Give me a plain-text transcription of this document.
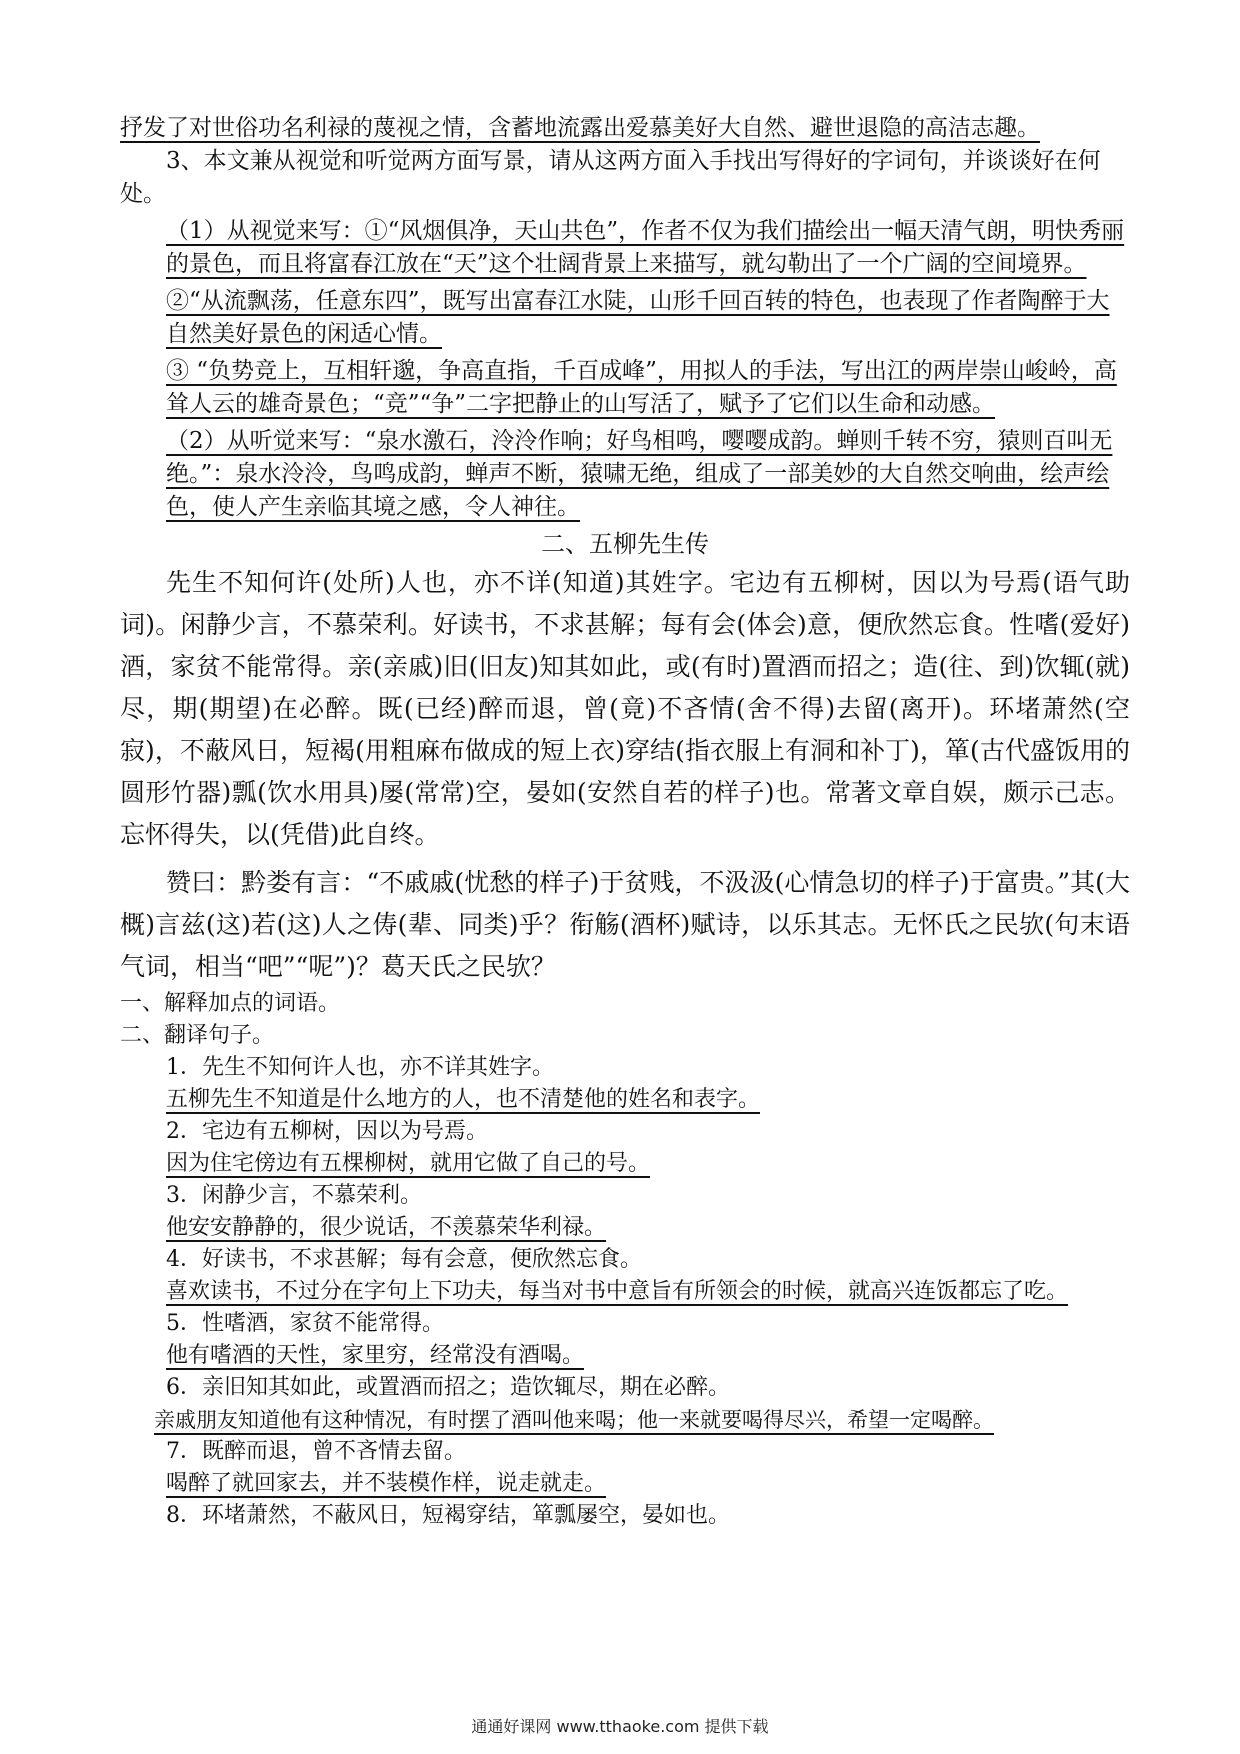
抒发了对世俗功名利禄的蔑视之情，含蓄地流露出爱慕美好大自然、避世退隐的高洁志趣。

3、本文兼从视觉和听觉两方面写景，请从这两方面入手找出写得好的字词句，并谈谈好在何处。

（1）从视觉来写：①“风烟俱净，天山共色”，作者不仅为我们描绘出一幅天清气朗，明快秀丽的景色，而且将富春江放在“天”这个壮阔背景上来描写，就勾勒出了一个广阔的空间境界。

②“从流飘荡，任意东四”，既写出富春江水陡，山形千回百转的特色，也表现了作者陶醉于大自然美好景色的闲适心情。

③ “负势竞上，互相轩邈，争高直指，千百成峰”，用拟人的手法，写出江的两岸崇山峻岭，高耸人云的雄奇景色；“竞”“争”二字把静止的山写活了，赋予了它们以生命和动感。

（2）从听觉来写：“泉水激石，泠泠作响；好鸟相鸣，嘤嘤成韵。蝉则千转不穷，猿则百叫无绝。”：泉水泠泠，鸟鸣成韵，蝉声不断，猿啸无绝，组成了一部美妙的大自然交响曲，绘声绘色，使人产生亲临其境之感，令人神往。

二、五柳先生传

先生不知何许(处所)人也，亦不详(知道)其姓字。宅边有五柳树，因以为号焉(语气助词)。闲静少言，不慕荣利。好读书，不求甚解；每有会(体会)意，便欣然忘食。性嗜(爱好)酒，家贫不能常得。亲(亲戚)旧(旧友)知其如此，或(有时)置酒而招之；造(往、到)饮辄(就)尽，期(期望)在必醉。既(已经)醉而退，曾(竟)不吝情(舍不得)去留(离开)。环堵萧然(空寂)，不蔽风日，短褐(用粗麻布做成的短上衣)穿结(指衣服上有洞和补丁)，箪(古代盛饭用的圆形竹器)瓢(饮水用具)屡(常常)空，晏如(安然自若的样子)也。常著文章自娱，颇示己志。忘怀得失，以(凭借)此自终。

赞曰：黔娄有言：“不戚戚(忧愁的样子)于贫贱，不汲汲(心情急切的样子)于富贵。”其(大概)言兹(这)若(这)人之俦(辈、同类)乎？衔觞(酒杯)赋诗，以乐其志。无怀氏之民欤(句末语气词，相当“吧”“呢”)？葛天氏之民欤？

一、解释加点的词语。

二、翻译句子。

1．先生不知何许人也，亦不详其姓字。

五柳先生不知道是什么地方的人，也不清楚他的姓名和表字。

2．宅边有五柳树，因以为号焉。

因为住宅傍边有五棵柳树，就用它做了自己的号。

3．闲静少言，不慕荣利。

他安安静静的，很少说话，不羡慕荣华利禄。

4．好读书，不求甚解；每有会意，便欣然忘食。

喜欢读书，不过分在字句上下功夫，每当对书中意旨有所领会的时候，就高兴连饭都忘了吃。

5．性嗜酒，家贫不能常得。

他有嗜酒的天性，家里穷，经常没有酒喝。

6．亲旧知其如此，或置酒而招之；造饮辄尽，期在必醉。

亲戚朋友知道他有这种情况，有时摆了酒叫他来喝；他一来就要喝得尽兴，希望一定喝醉。

7．既醉而退，曾不吝情去留。

喝醉了就回家去，并不装模作样，说走就走。

8．环堵萧然，不蔽风日，短褐穿结，箪瓢屡空，晏如也。

通通好课网 www.tthaoke.com 提供下载
